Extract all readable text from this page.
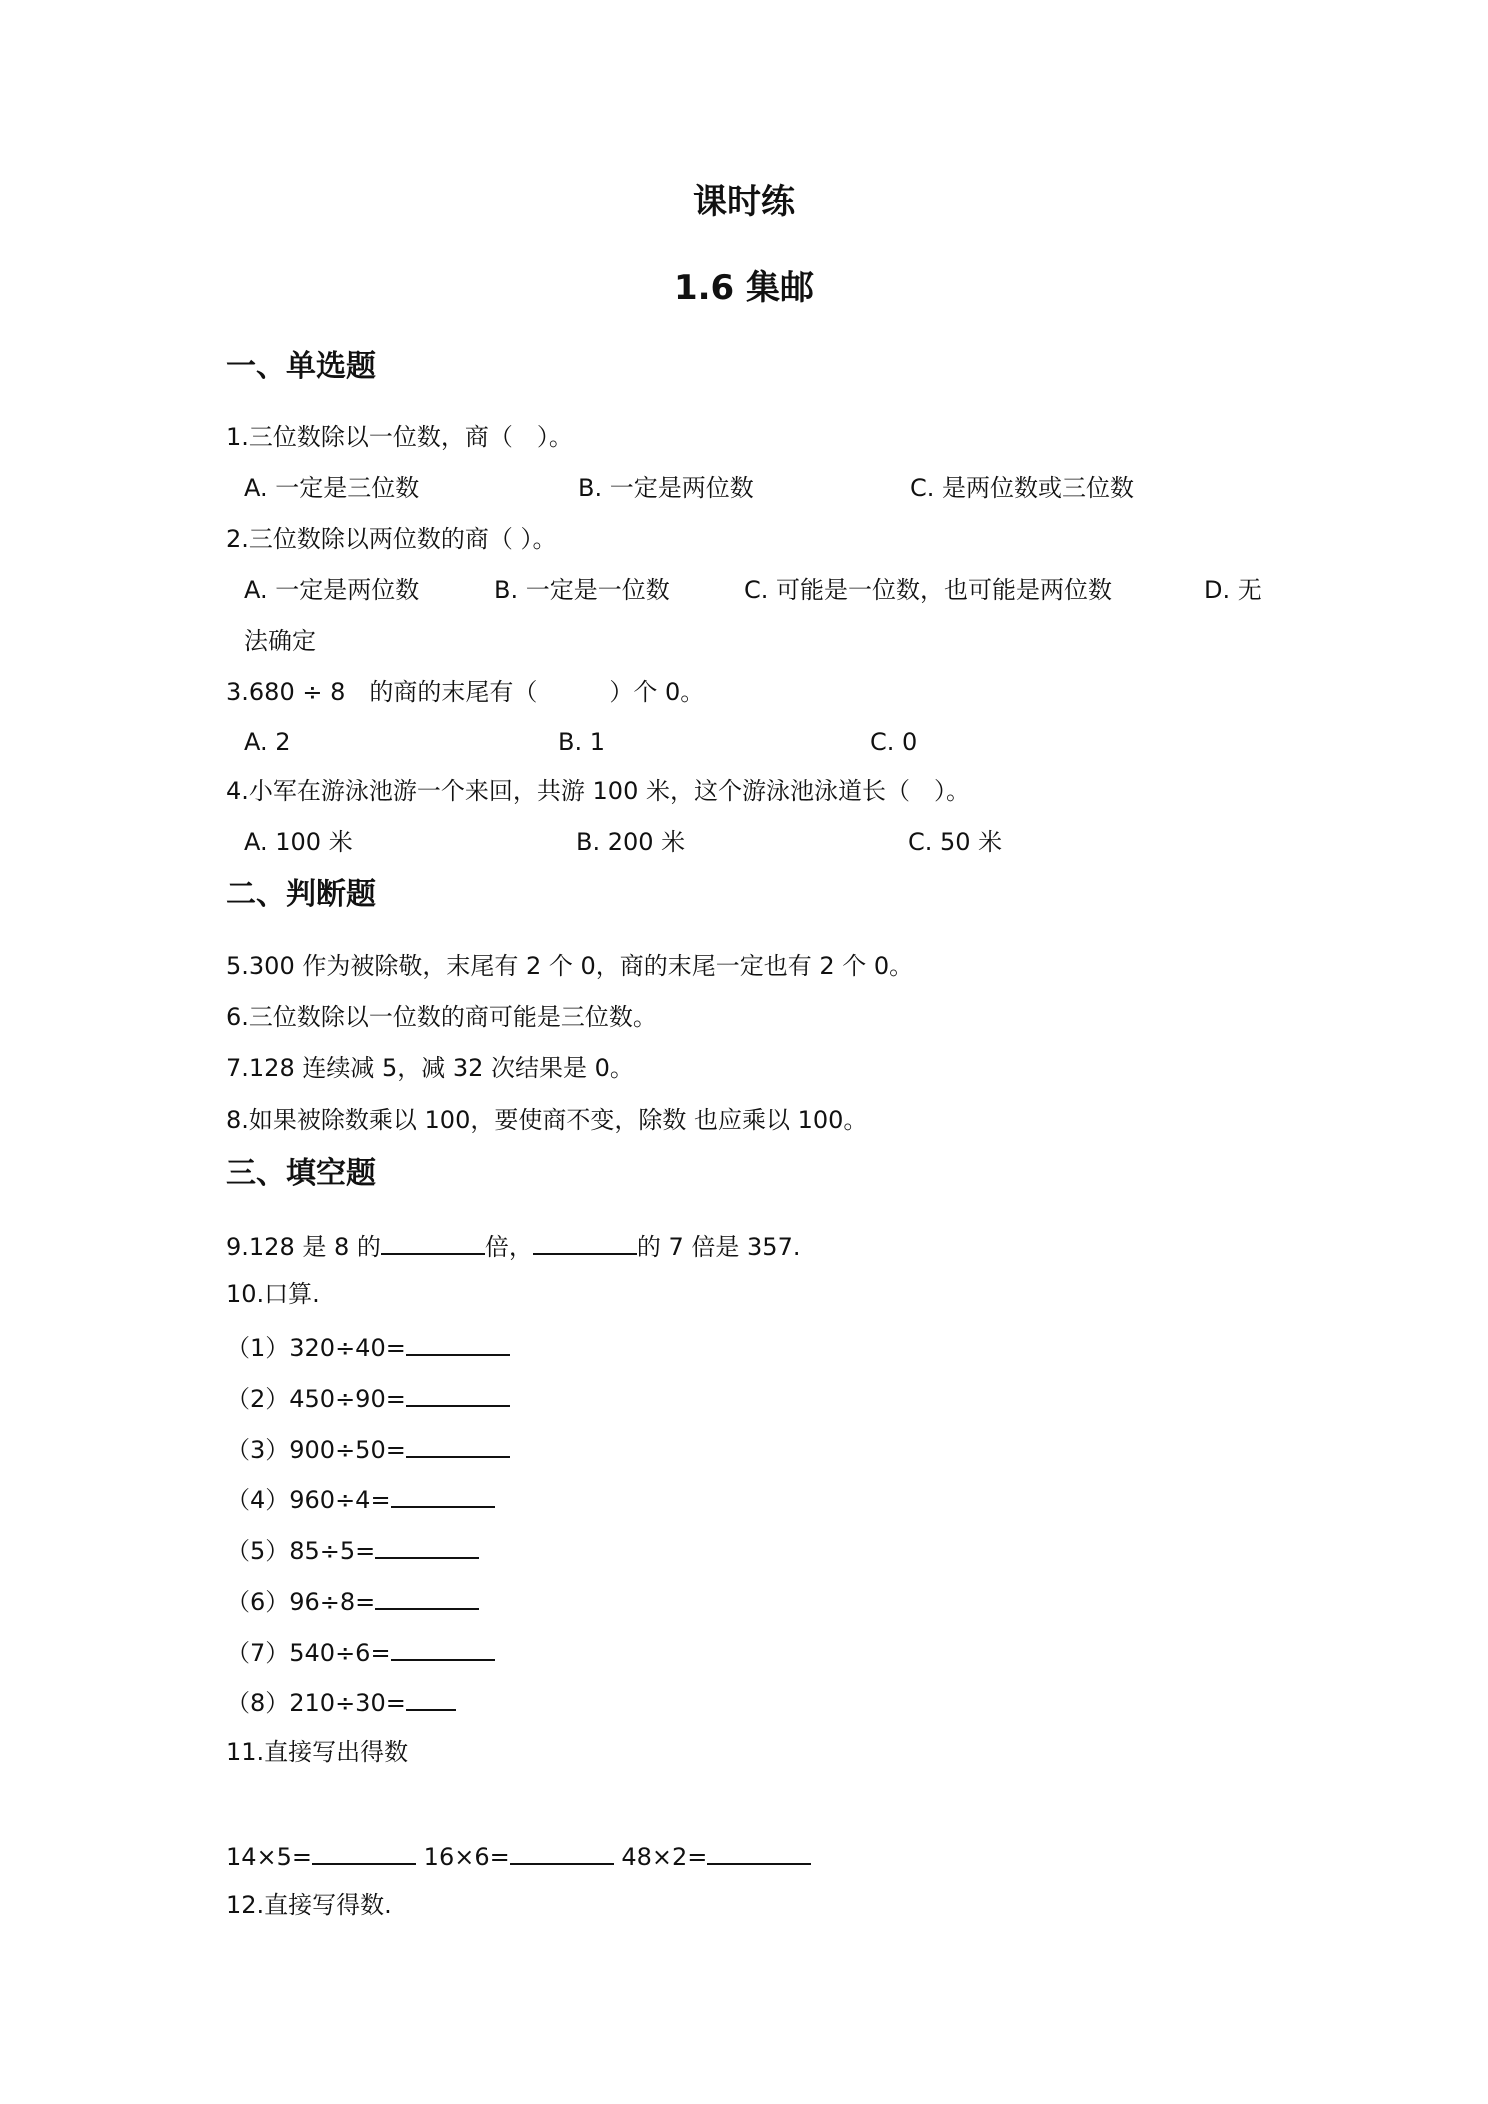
课时练
1.6 集邮
一、单选题
1.三位数除以一位数，商（　）。
A. 一定是三位数	B. 一定是两位数	C. 是两位数或三位数
2.三位数除以两位数的商（ ）。
A. 一定是两位数	B. 一定是一位数	C. 可能是一位数，也可能是两位数	D. 无
法确定
3.680 ÷ 8　的商的末尾有（　　　）个 0。
A. 2	B. 1	C. 0
4.小军在游泳池游一个来回，共游 100 米，这个游泳池泳道长（　）。
A. 100 米	B. 200 米	C. 50 米
二、判断题
5.300 作为被除敬，末尾有 2 个 0，商的末尾一定也有 2 个 0。
6.三位数除以一位数的商可能是三位数。
7.128 连续减 5，减 32 次结果是 0。
8.如果被除数乘以 100，要使商不变，除数 也应乘以 100。
三、填空题
9.128 是 8 的	倍，	的 7 倍是 357.
10.口算.
（1）320÷40=
（2）450÷90=
（3）900÷50=
（4）960÷4=
（5）85÷5=
（6）96÷8=
（7）540÷6=
（8）210÷30=
11.直接写出得数
14×5=	16×6=	48×2=
12.直接写得数.
